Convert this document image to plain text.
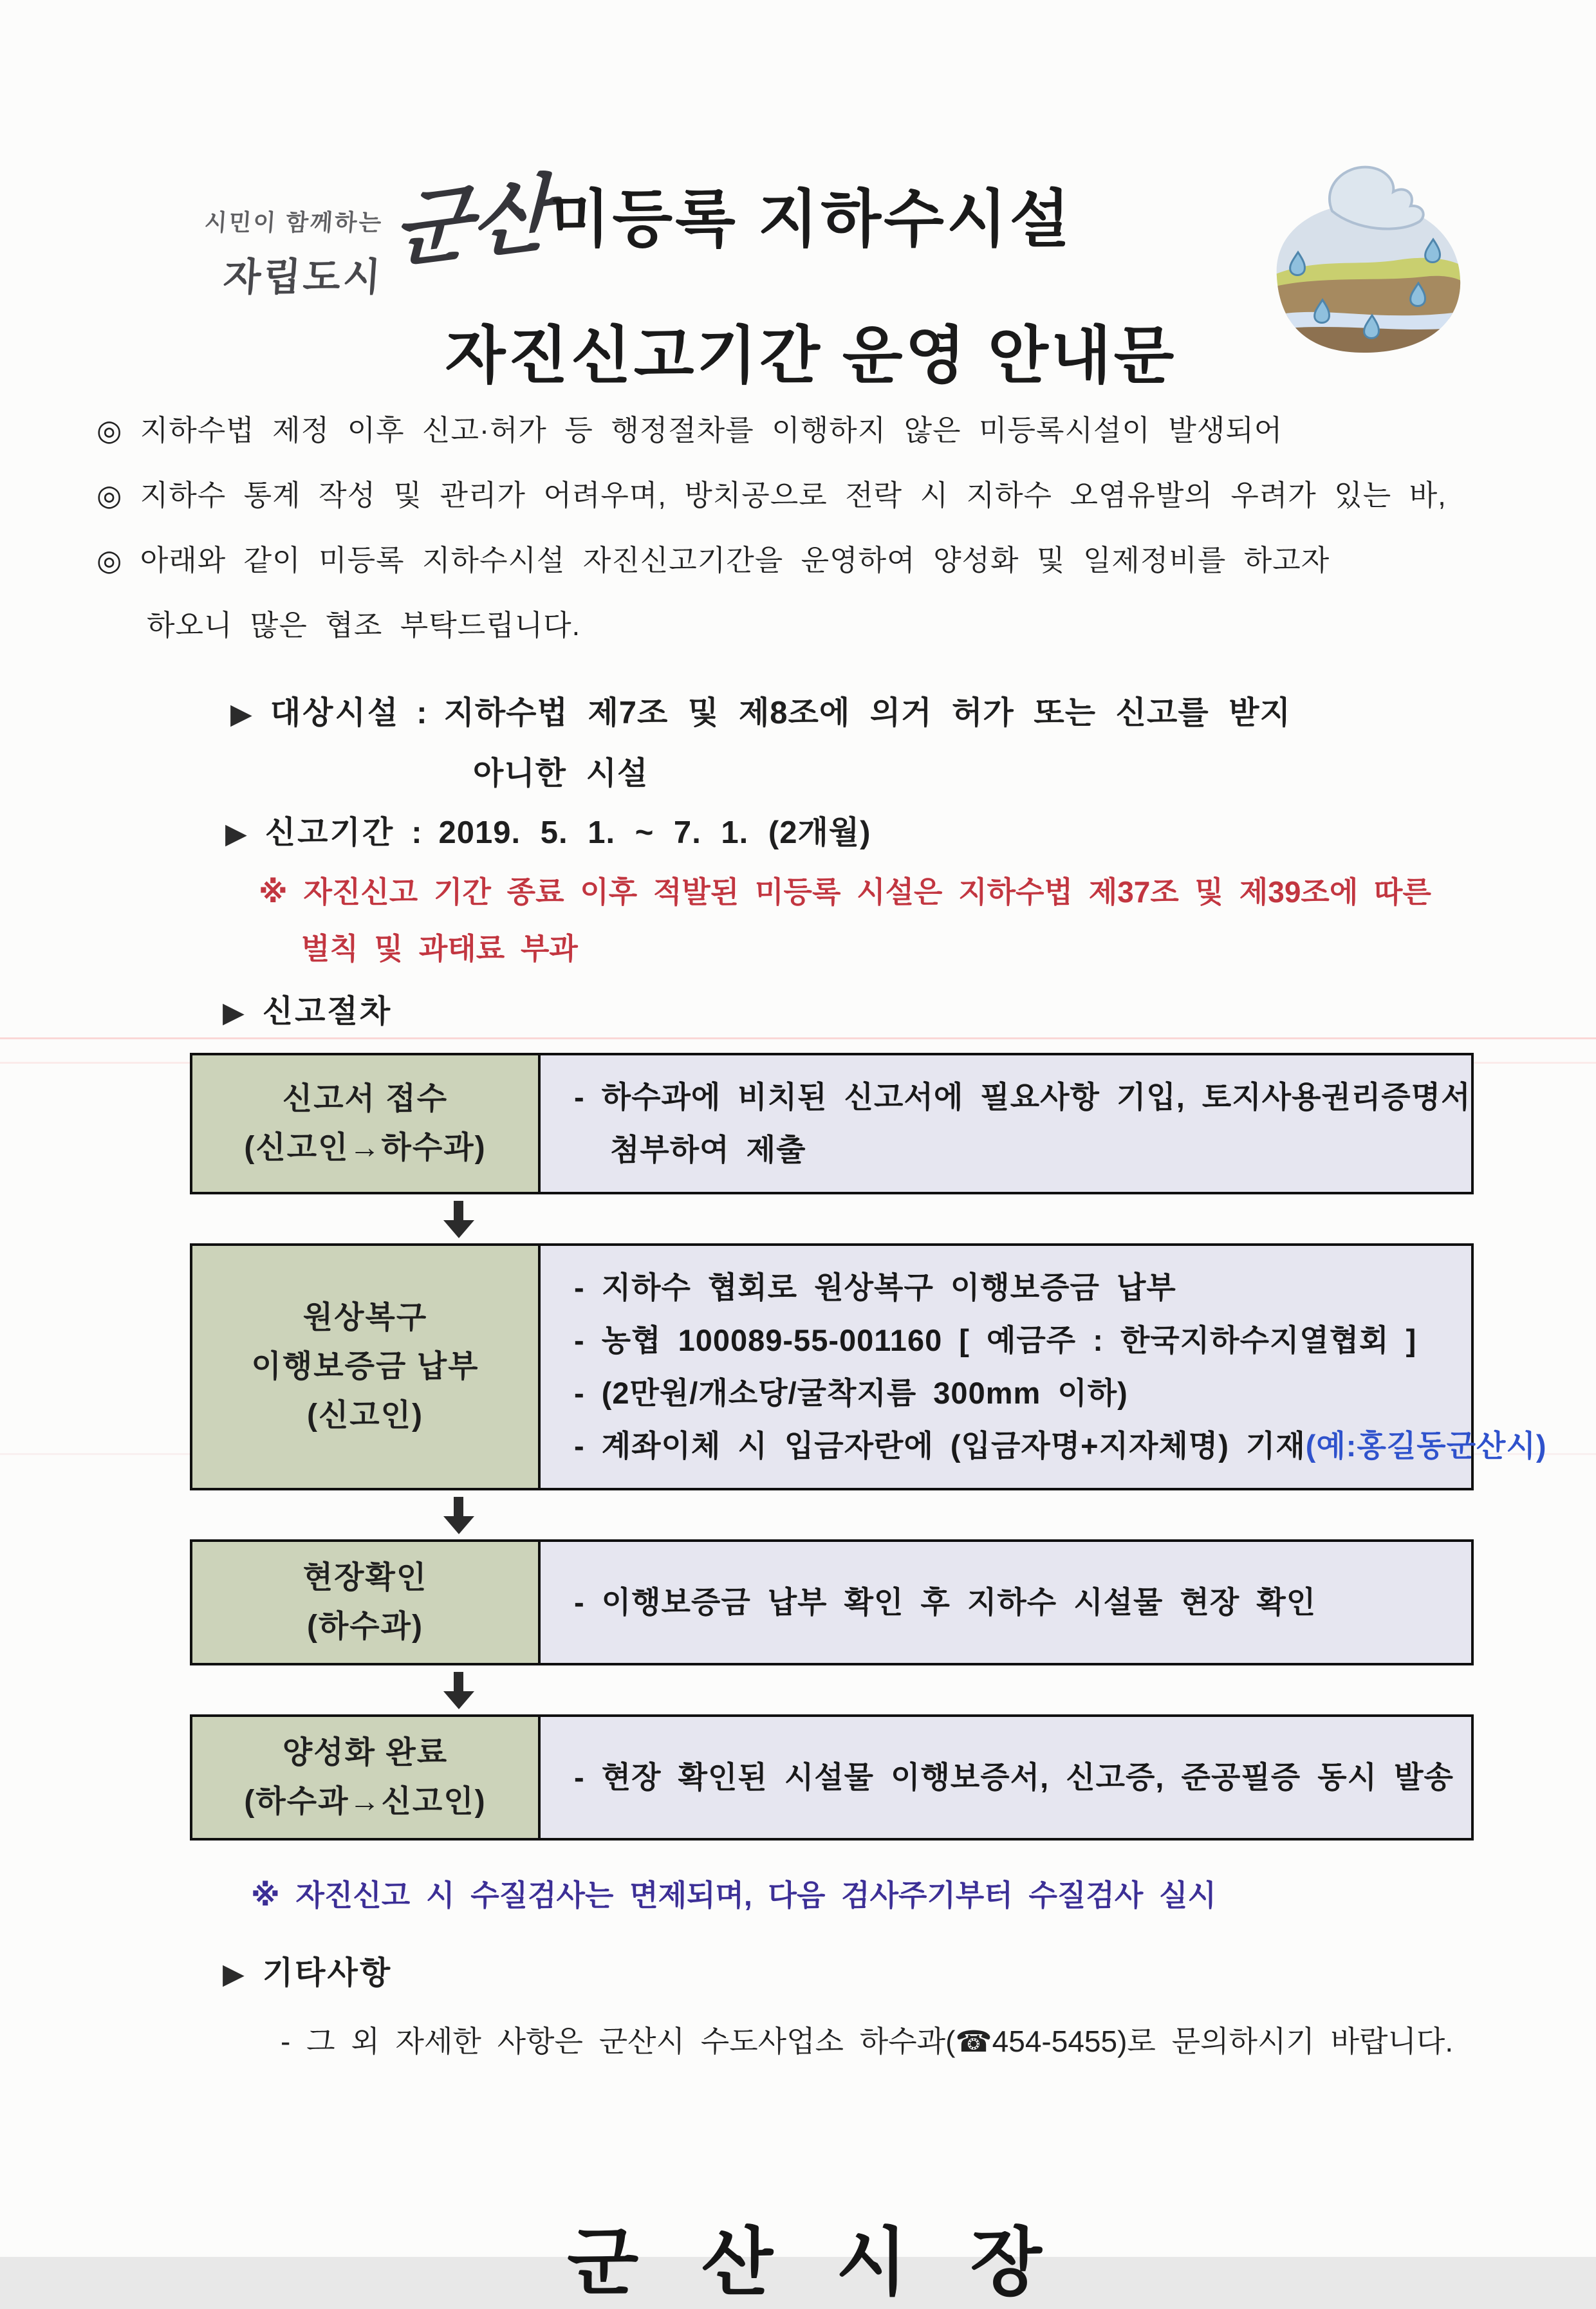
시민이 함께하는
자립도시 군산
미등록 지하수시설
자진신고기간 운영 안내문
◎ 지하수법 제정 이후 신고·허가 등 행정절차를 이행하지 않은 미등록시설이 발생되어
◎ 지하수 통계 작성 및 관리가 어려우며, 방치공으로 전락 시 지하수 오염유발의 우려가 있는 바,
◎ 아래와 같이 미등록 지하수시설 자진신고기간을 운영하여 양성화 및 일제정비를 하고자
하오니 많은 협조 부탁드립니다.
▶ 대상시설 : 지하수법 제7조 및 제8조에 의거 허가 또는 신고를 받지
아니한 시설
▶ 신고기간 : 2019. 5. 1. ~ 7. 1. (2개월)
※ 자진신고 기간 종료 이후 적발된 미등록 시설은 지하수법 제37조 및 제39조에 따른
벌칙 및 과태료 부과
▶ 신고절차
신고서 접수
(신고인→하수과)
- 하수과에 비치된 신고서에 필요사항 기입, 토지사용권리증명서
첨부하여 제출
원상복구
이행보증금 납부
(신고인)
- 지하수 협회로 원상복구 이행보증금 납부
- 농협 100089-55-001160 [ 예금주 : 한국지하수지열협회 ]
- (2만원/개소당/굴착지름 300mm 이하)
- 계좌이체 시 입금자란에 (입금자명+지자체명) 기재(예:홍길동군산시)
현장확인
(하수과)
- 이행보증금 납부 확인 후 지하수 시설물 현장 확인
양성화 완료
(하수과→신고인)
- 현장 확인된 시설물 이행보증서, 신고증, 준공필증 동시 발송
※ 자진신고 시 수질검사는 면제되며, 다음 검사주기부터 수질검사 실시
▶ 기타사항
- 그 외 자세한 사항은 군산시 수도사업소 하수과(☎454-5455)로 문의하시기 바랍니다.
군산시장
